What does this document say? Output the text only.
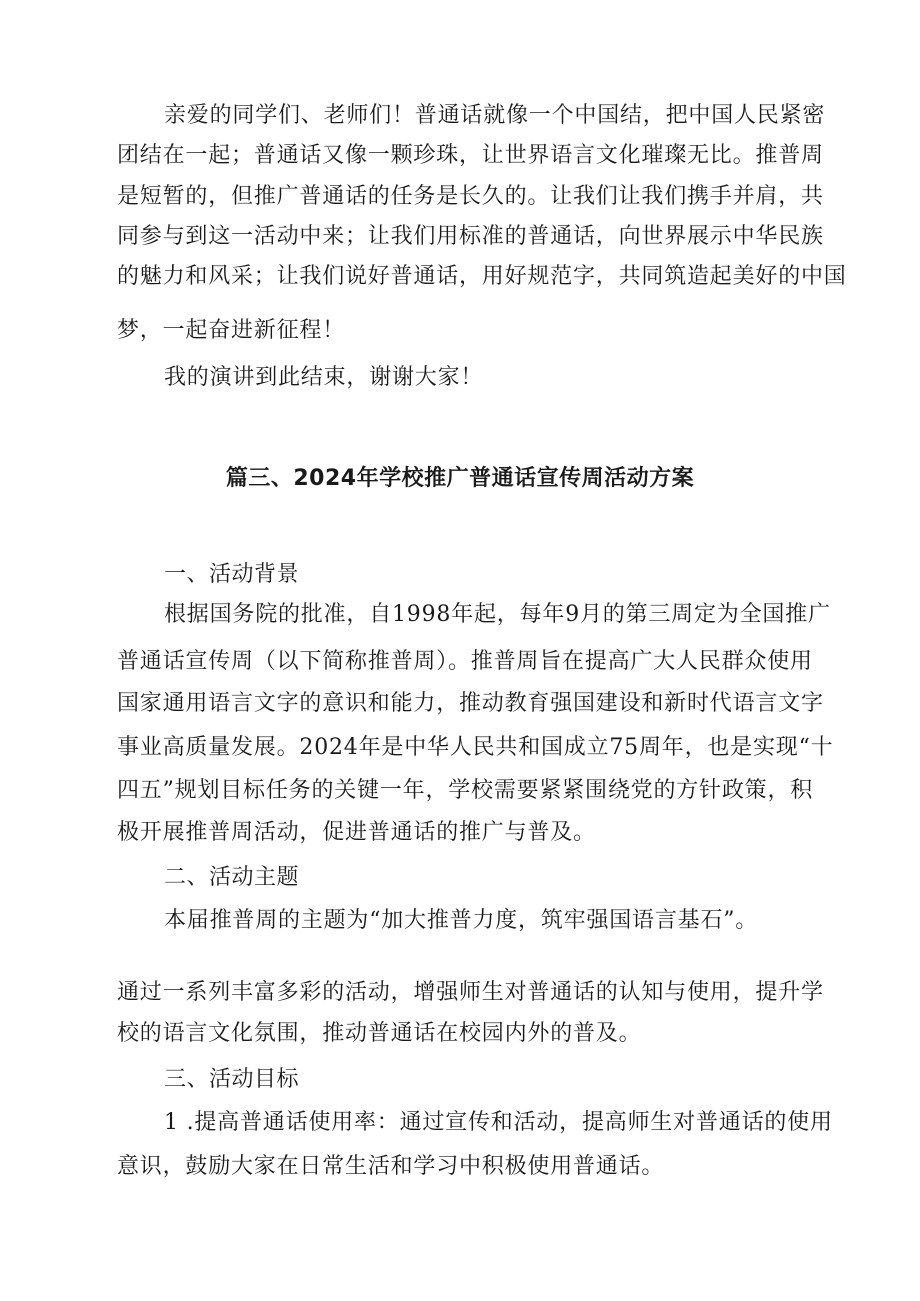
亲爱的同学们、老师们！普通话就像一个中国结，把中国人民紧密
团结在一起；普通话又像一颗珍珠，让世界语言文化璀璨无比。推普周
是短暂的，但推广普通话的任务是长久的。让我们让我们携手并肩，共
同参与到这一活动中来；让我们用标准的普通话，向世界展示中华民族
的魅力和风采；让我们说好普通话，用好规范字，共同筑造起美好的中国
梦，一起奋进新征程！
我的演讲到此结束，谢谢大家！
篇三、2024年学校推广普通话宣传周活动方案
一、活动背景
根据国务院的批准，自1998年起，每年9月的第三周定为全国推广
普通话宣传周（以下简称推普周）。推普周旨在提高广大人民群众使用
国家通用语言文字的意识和能力，推动教育强国建设和新时代语言文字
事业高质量发展。2024年是中华人民共和国成立75周年，也是实现“十
四五”规划目标任务的关键一年，学校需要紧紧围绕党的方针政策，积
极开展推普周活动，促进普通话的推广与普及。
二、活动主题
本届推普周的主题为“加大推普力度，筑牢强国语言基石”。
通过一系列丰富多彩的活动，增强师生对普通话的认知与使用，提升学
校的语言文化氛围，推动普通话在校园内外的普及。
三、活动目标
1 .提高普通话使用率：通过宣传和活动，提高师生对普通话的使用
意识，鼓励大家在日常生活和学习中积极使用普通话。
